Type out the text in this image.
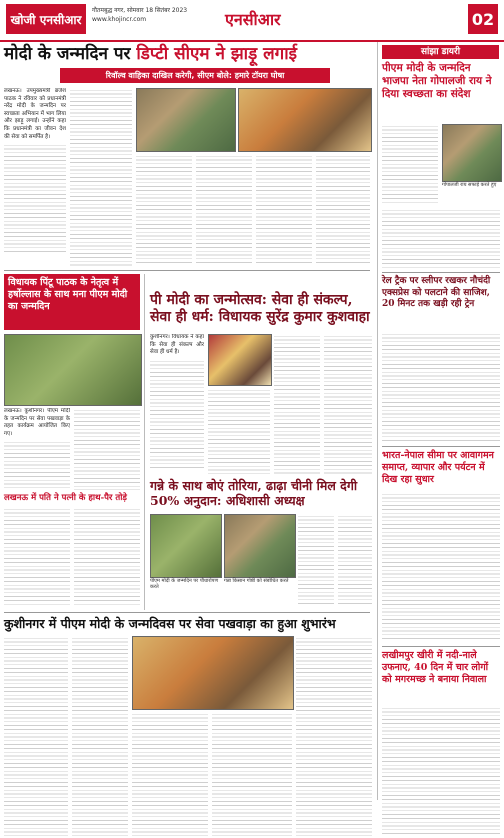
खोजी एनसीआर
गौतमबुद्ध नगर, सोमवार 18 सितंबर 2023
www.khojincr.com	एनसीआर	02
मोदी के जन्मदिन पर डिप्टी सीएम ने झाड़ू लगाई
रिवॉल्व वाहिका दाखिल करेगी, सीएम बोले: हमारे टॉयरा घोषा

लखनऊ। उपमुख्यमंत्री ब्रजेश पाठक ने रविवार को प्रधानमंत्री नरेंद्र मोदी के जन्मदिन पर स्वच्छता अभियान में भाग लिया और झाड़ू लगाई। उन्होंने कहा कि प्रधानमंत्री का जीवन देश की सेवा को समर्पित है।

विधायक पिंटू पाठक के नेतृत्व में हर्षोल्लास के साथ मना पीएम मोदी का जन्मदिन

लखनऊ। कुशीनगर। पीएम मोदी के जन्मदिन पर सेवा पखवाड़ा के तहत कार्यक्रम आयोजित किए गए।

लखनऊ में पति ने पत्नी के हाथ-पैर तोड़े
पी मोदी का जन्मोत्सव: सेवा ही संकल्प, सेवा ही धर्म: विधायक सुरेंद्र कुमार कुशवाहा

कुशीनगर। विधायक ने कहा कि सेवा ही संकल्प और सेवा ही धर्म है।

गन्ने के साथ बोएं तोरिया, ढाढ़ा चीनी मिल देगी 50% अनुदान: अधिशासी अध्यक्ष
पीएम मोदी के जन्मदिन पर पौधारोपण करते
गन्ना किसान गोष्ठी को संबोधित करते
कुशीनगर में पीएम मोदी के जन्मदिवस पर सेवा पखवाड़ा का हुआ शुभारंभ
सांझा डायरी
पीएम मोदी के जन्मदिन भाजपा नेता गोपालजी राय ने दिया स्वच्छता का संदेश
गोपालजी राय सफाई करते हुए
रेल ट्रैक पर स्लीपर रखकर नौचंदी एक्सप्रेस को पलटाने की साजिश, 20 मिनट तक खड़ी रही ट्रेन
भारत-नेपाल सीमा पर आवागमन समाप्त, व्यापार और पर्यटन में दिख रहा सुधार
लखीमपुर खीरी में नदी-नाले उफनाए, 40 दिन में चार लोगों को मगरमच्छ ने बनाया निवाला
